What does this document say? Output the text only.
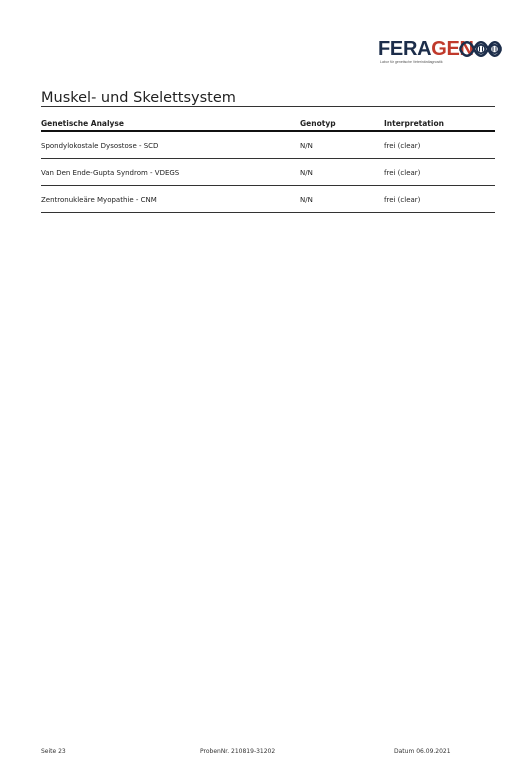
FERAGEN
Labor für genetische Veterinärdiagnostik
Muskel- und Skelettsystem
Genetische Analyse	Genotyp	Interpretation
Spondylokostale Dysostose - SCD	N/N	frei (clear)
Van Den Ende-Gupta Syndrom - VDEGS	N/N	frei (clear)
Zentronukleäre Myopathie - CNM	N/N	frei (clear)
Seite 23	ProbenNr. 210819-31202	Datum 06.09.2021
